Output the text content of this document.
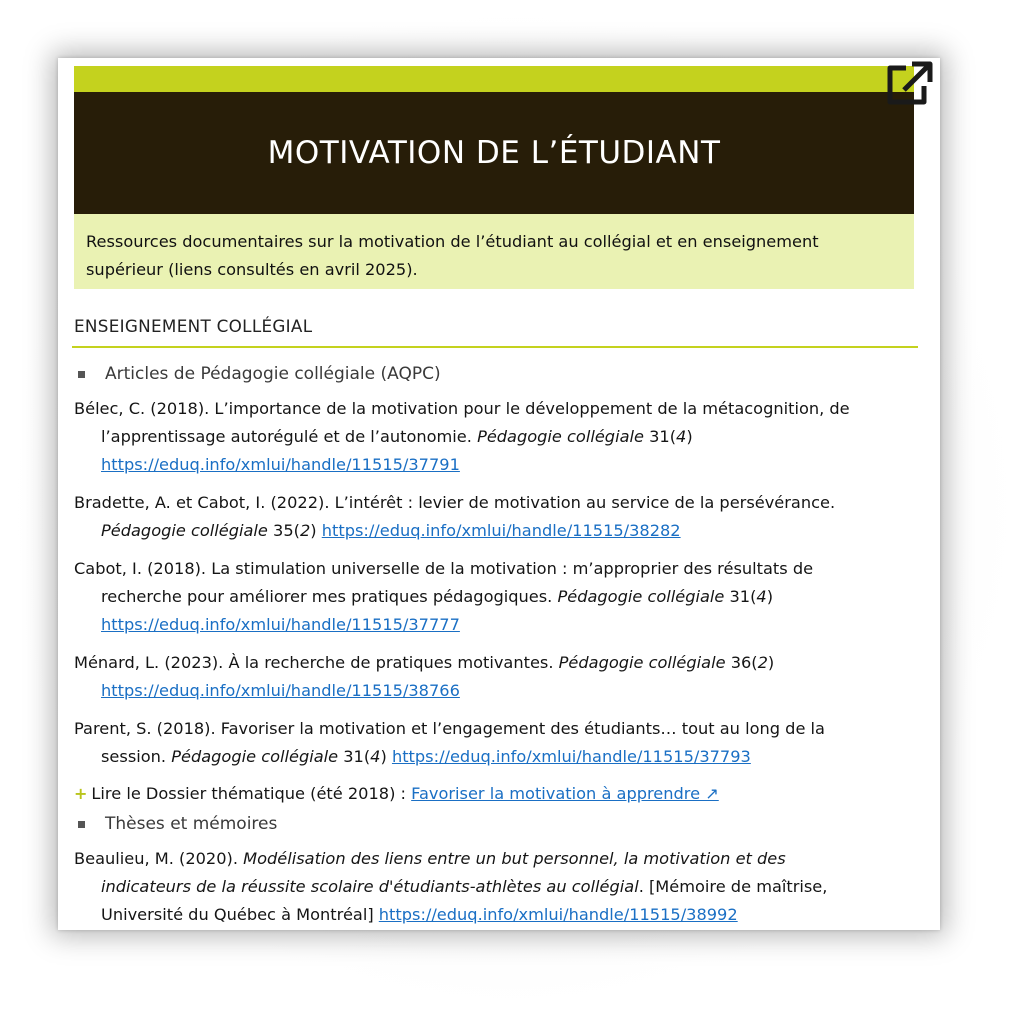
MOTIVATION DE L’ÉTUDIANT
Ressources documentaires sur la motivation de l’étudiant au collégial et en enseignement
supérieur (liens consultés en avril 2025).
ENSEIGNEMENT COLLÉGIAL
Articles de Pédagogie collégiale (AQPC)

Bélec, C. (2018). L’importance de la motivation pour le développement de la métacognition, de
l’apprentissage autorégulé et de l’autonomie. Pédagogie collégiale 31(4)
https://eduq.info/xmlui/handle/11515/37791

Bradette, A. et Cabot, I. (2022). L’intérêt : levier de motivation au service de la persévérance.
Pédagogie collégiale 35(2) https://eduq.info/xmlui/handle/11515/38282

Cabot, I. (2018). La stimulation universelle de la motivation : m’approprier des résultats de
recherche pour améliorer mes pratiques pédagogiques. Pédagogie collégiale 31(4)
https://eduq.info/xmlui/handle/11515/37777

Ménard, L. (2023). À la recherche de pratiques motivantes. Pédagogie collégiale 36(2)
https://eduq.info/xmlui/handle/11515/38766

Parent, S. (2018). Favoriser la motivation et l’engagement des étudiants… tout au long de la
session. Pédagogie collégiale 31(4) https://eduq.info/xmlui/handle/11515/37793

+ Lire le Dossier thématique (été 2018) : Favoriser la motivation à apprendre ↗
Thèses et mémoires

Beaulieu, M. (2020). Modélisation des liens entre un but personnel, la motivation et des
indicateurs de la réussite scolaire d'étudiants-athlètes au collégial. [Mémoire de maîtrise,
Université du Québec à Montréal] https://eduq.info/xmlui/handle/11515/38992
